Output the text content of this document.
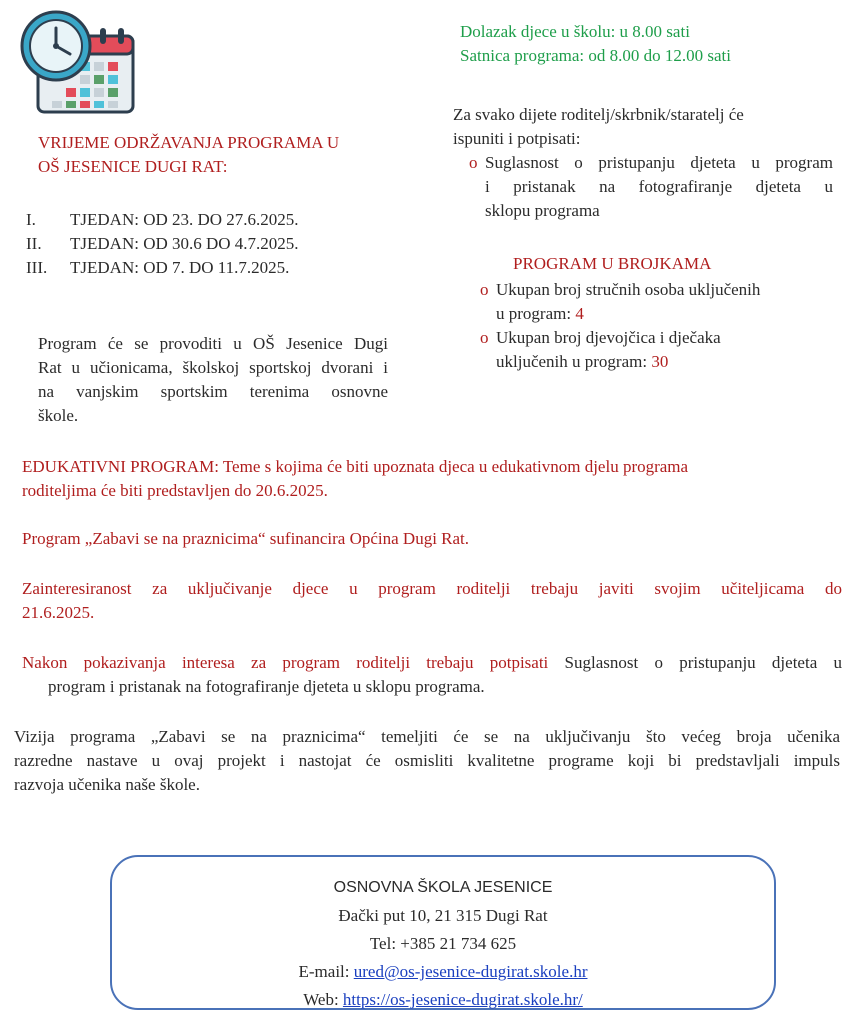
Dolazak djece u školu: u 8.00 sati
Satnica programa: od 8.00 do 12.00 sati
VRIJEME ODRŽAVANJA PROGRAMA U
OŠ JESENICE DUGI RAT:
I.	TJEDAN: OD 23. DO 27.6.2025.
II.	TJEDAN: OD 30.6 DO 4.7.2025.
III.	TJEDAN: OD 7. DO 11.7.2025.
Program će se provoditi u OŠ Jesenice Dugi
Rat u učionicama, školskoj sportskoj dvorani i
na vanjskim sportskim terenima osnovne
škole.
Za svako dijete roditelj/skrbnik/staratelj će
ispuniti i potpisati:
o Suglasnost o pristupanju djeteta u program
i pristanak na fotografiranje djeteta u
sklopu programa
PROGRAM U BROJKAMA
o Ukupan broj stručnih osoba uključenih
u program: 4
o Ukupan broj djevojčica i dječaka
uključenih u program: 30
EDUKATIVNI PROGRAM: Teme s kojima će biti upoznata djeca u edukativnom djelu programa
roditeljima će biti predstavljen do 20.6.2025.
Program „Zabavi se na praznicima“ sufinancira Općina Dugi Rat.
Zainteresiranost za uključivanje djece u program roditelji trebaju javiti svojim učiteljicama do
21.6.2025.
Nakon pokazivanja interesa za program roditelji trebaju potpisati Suglasnost o pristupanju djeteta u
program i pristanak na fotografiranje djeteta u sklopu programa.
Vizija programa „Zabavi se na praznicima“ temeljiti će se na uključivanju što većeg broja učenika
razredne nastave u ovaj projekt i nastojat će osmisliti kvalitetne programe koji bi predstavljali impuls
razvoja učenika naše škole.
OSNOVNA ŠKOLA JESENICE
Đački put 10, 21 315 Dugi Rat
Tel: +385 21 734 625
E-mail: ured@os-jesenice-dugirat.skole.hr
Web: https://os-jesenice-dugirat.skole.hr/
